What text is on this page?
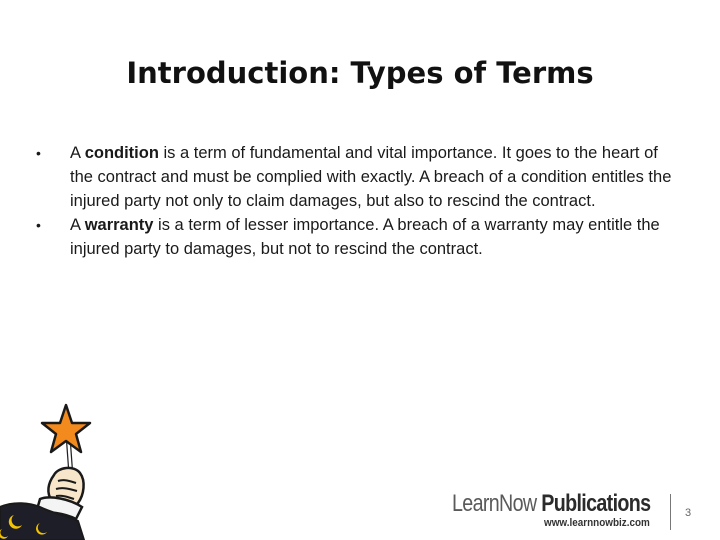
Introduction: Types of Terms
• A condition is a term of fundamental and vital importance. It goes to the heart of the contract and must be complied with exactly. A breach of a condition entitles the injured party not only to claim damages, but also to rescind the contract.
• A warranty is a term of lesser importance. A breach of a warranty may entitle the injured party to damages, but not to rescind the contract.
LearnNow Publications
www.learnnowbiz.com
3
